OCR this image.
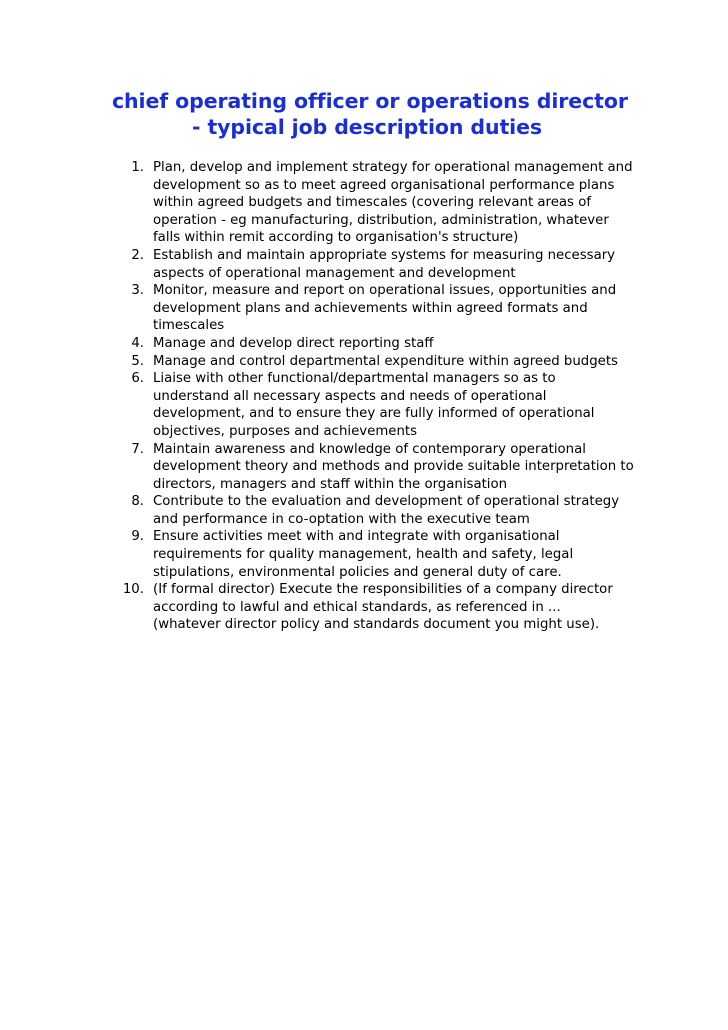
chief operating officer or operations director
- typical job description duties
1. Plan, develop and implement strategy for operational management and
development so as to meet agreed organisational performance plans
within agreed budgets and timescales (covering relevant areas of
operation - eg manufacturing, distribution, administration, whatever
falls within remit according to organisation's structure)
2. Establish and maintain appropriate systems for measuring necessary
aspects of operational management and development
3. Monitor, measure and report on operational issues, opportunities and
development plans and achievements within agreed formats and
timescales
4. Manage and develop direct reporting staff
5. Manage and control departmental expenditure within agreed budgets
6. Liaise with other functional/departmental managers so as to
understand all necessary aspects and needs of operational
development, and to ensure they are fully informed of operational
objectives, purposes and achievements
7. Maintain awareness and knowledge of contemporary operational
development theory and methods and provide suitable interpretation to
directors, managers and staff within the organisation
8. Contribute to the evaluation and development of operational strategy
and performance in co-optation with the executive team
9. Ensure activities meet with and integrate with organisational
requirements for quality management, health and safety, legal
stipulations, environmental policies and general duty of care.
10. (If formal director) Execute the responsibilities of a company director
according to lawful and ethical standards, as referenced in ...
(whatever director policy and standards document you might use).
